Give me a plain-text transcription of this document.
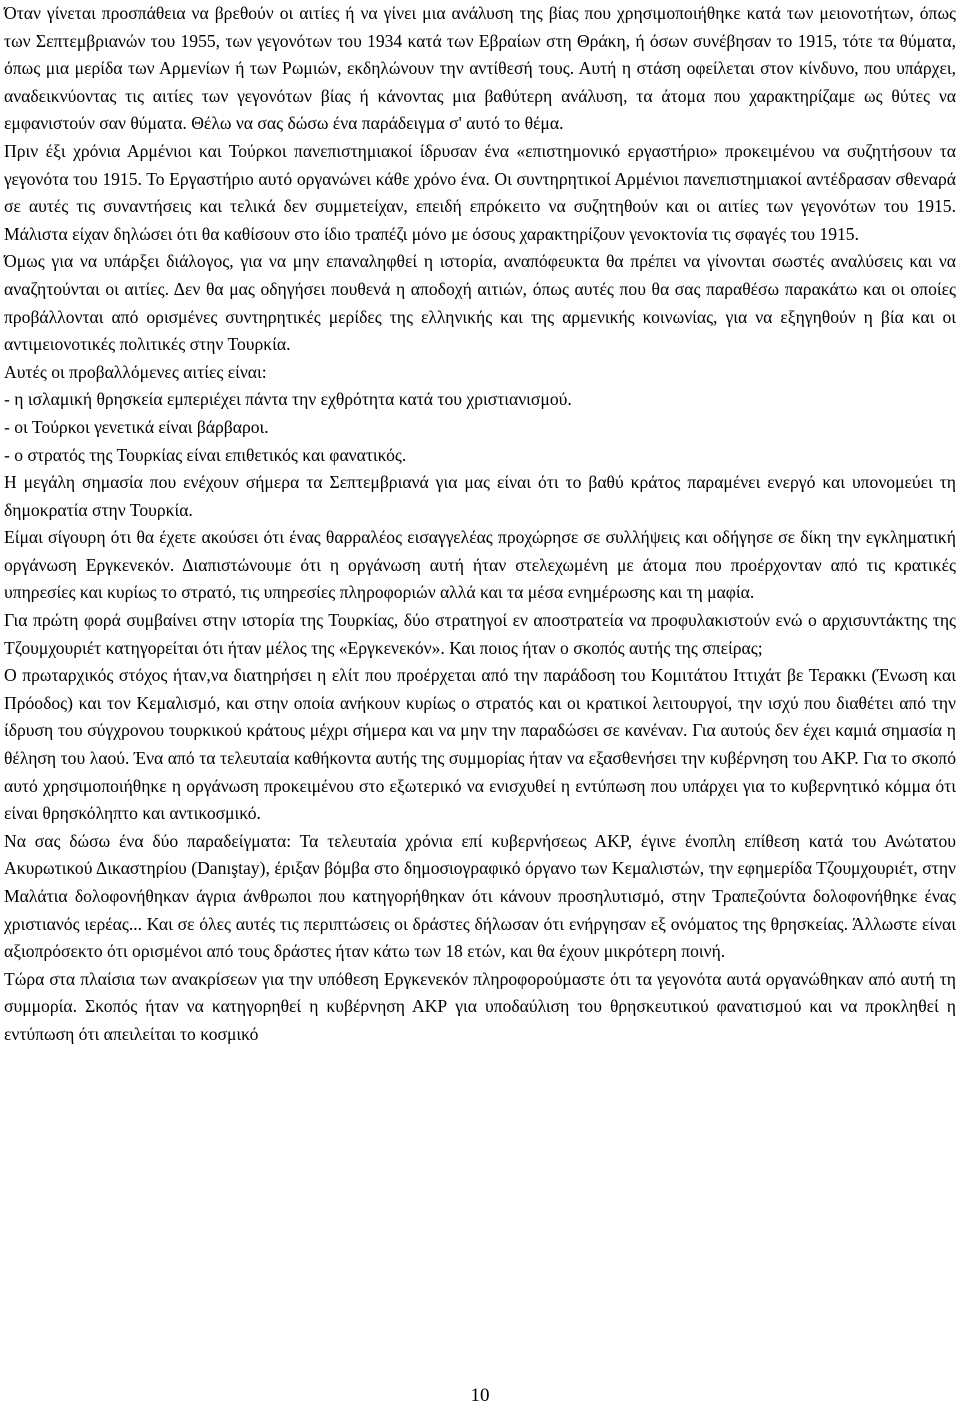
Όταν γίνεται προσπάθεια να βρεθούν οι αιτίες ή να γίνει μια ανάλυση της βίας που χρησιμοποιήθηκε κατά των μειονοτήτων, όπως των Σεπτεμβριανών του 1955, των γεγονότων του 1934 κατά των Εβραίων στη Θράκη, ή όσων συνέβησαν το 1915, τότε τα θύματα, όπως μια μερίδα των Αρμενίων ή των Ρωμιών, εκδηλώνουν την αντίθεσή τους. Αυτή η στάση οφείλεται στον κίνδυνο, που υπάρχει, αναδεικνύοντας τις αιτίες των γεγονότων βίας ή κάνοντας μια βαθύτερη ανάλυση, τα άτομα που χαρακτηρίζαμε ως θύτες να εμφανιστούν σαν θύματα. Θέλω να σας δώσω ένα παράδειγμα σ' αυτό το θέμα.

Πριν έξι χρόνια Αρμένιοι και Τούρκοι πανεπιστημιακοί ίδρυσαν ένα «επιστημονικό εργαστήριο» προκειμένου να συζητήσουν τα γεγονότα του 1915. Το Εργαστήριο αυτό οργανώνει κάθε χρόνο ένα. Οι συντηρητικοί Αρμένιοι πανεπιστημιακοί αντέδρασαν σθεναρά σε αυτές τις συναντήσεις και τελικά δεν συμμετείχαν, επειδή επρόκειτο να συζητηθούν και οι αιτίες των γεγονότων του 1915. Μάλιστα είχαν δηλώσει ότι θα καθίσουν στο ίδιο τραπέζι μόνο με όσους χαρακτηρίζουν γενοκτονία τις σφαγές του 1915.

Όμως για να υπάρξει διάλογος, για να μην επαναληφθεί η ιστορία, αναπόφευκτα θα πρέπει να γίνονται σωστές αναλύσεις και να αναζητούνται οι αιτίες. Δεν θα μας οδηγήσει πουθενά η αποδοχή αιτιών, όπως αυτές που θα σας παραθέσω παρακάτω και οι οποίες προβάλλονται από ορισμένες συντηρητικές μερίδες της ελληνικής και της αρμενικής κοινωνίας, για να εξηγηθούν η βία και οι αντιμειονοτικές πολιτικές στην Τουρκία.

Αυτές οι προβαλλόμενες αιτίες είναι:

- η ισλαμική θρησκεία εμπεριέχει πάντα την εχθρότητα κατά του χριστιανισμού.

- οι Τούρκοι γενετικά είναι βάρβαροι.

- ο στρατός της Τουρκίας είναι επιθετικός και φανατικός.

Η μεγάλη σημασία που ενέχουν σήμερα τα Σεπτεμβριανά για μας είναι ότι το βαθύ κράτος παραμένει ενεργό και υπονομεύει τη δημοκρατία στην Τουρκία.

Είμαι σίγουρη ότι θα έχετε ακούσει ότι ένας θαρραλέος εισαγγελέας προχώρησε σε συλλήψεις και οδήγησε σε δίκη την εγκληματική οργάνωση Εργκενεκόν. Διαπιστώνουμε ότι η οργάνωση αυτή ήταν στελεχωμένη με άτομα που προέρχονταν από τις κρατικές υπηρεσίες και κυρίως το στρατό, τις υπηρεσίες πληροφοριών αλλά και τα μέσα ενημέρωσης και τη μαφία.

Για πρώτη φορά συμβαίνει στην ιστορία της Τουρκίας, δύο στρατηγοί εν αποστρατεία να προφυλακιστούν ενώ ο αρχισυντάκτης της Τζουμχουριέτ κατηγορείται ότι ήταν μέλος της «Εργκενεκόν». Και ποιος ήταν ο σκοπός αυτής της σπείρας;

Ο πρωταρχικός στόχος ήταν,να διατηρήσει η ελίτ που προέρχεται από την παράδοση του Κομιτάτου Ιττιχάτ βε Τερακκι (Ένωση και Πρόοδος) και τον Κεμαλισμό, και στην οποία ανήκουν κυρίως ο στρατός και οι κρατικοί λειτουργοί, την ισχύ που διαθέτει από την ίδρυση του σύγχρονου τουρκικού κράτους μέχρι σήμερα και να μην την παραδώσει σε κανέναν. Για αυτούς δεν έχει καμιά σημασία η θέληση του λαού. Ένα από τα τελευταία καθήκοντα αυτής της συμμορίας ήταν να εξασθενήσει την κυβέρνηση του ΑΚΡ. Για το σκοπό αυτό χρησιμοποιήθηκε η οργάνωση προκειμένου στο εξωτερικό να ενισχυθεί η εντύπωση που υπάρχει για το κυβερνητικό κόμμα ότι είναι θρησκόληπτο και αντικοσμικό.

Να σας δώσω ένα δύο παραδείγματα: Τα τελευταία χρόνια επί κυβερνήσεως ΑΚΡ, έγινε ένοπλη επίθεση κατά του Ανώτατου Ακυρωτικού Δικαστηρίου (Danıştay), έριξαν βόμβα στο δημοσιογραφικό όργανο των Κεμαλιστών, την εφημερίδα Τζουμχουριέτ, στην Μαλάτια δολοφονήθηκαν άγρια άνθρωποι που κατηγορήθηκαν ότι κάνουν προσηλυτισμό, στην Τραπεζούντα δολοφονήθηκε ένας χριστιανός ιερέας... Και σε όλες αυτές τις περιπτώσεις οι δράστες δήλωσαν ότι ενήργησαν εξ ονόματος της θρησκείας. Άλλωστε είναι αξιοπρόσεκτο ότι ορισμένοι από τους δράστες ήταν κάτω των 18 ετών, και θα έχουν μικρότερη ποινή.

Τώρα στα πλαίσια των ανακρίσεων για την υπόθεση Εργκενεκόν πληροφορούμαστε ότι τα γεγονότα αυτά οργανώθηκαν από αυτή τη συμμορία. Σκοπός ήταν να κατηγορηθεί η κυβέρνηση ΑΚΡ για υποδαύλιση του θρησκευτικού φανατισμού και να προκληθεί η εντύπωση ότι απειλείται το κοσμικό

10
